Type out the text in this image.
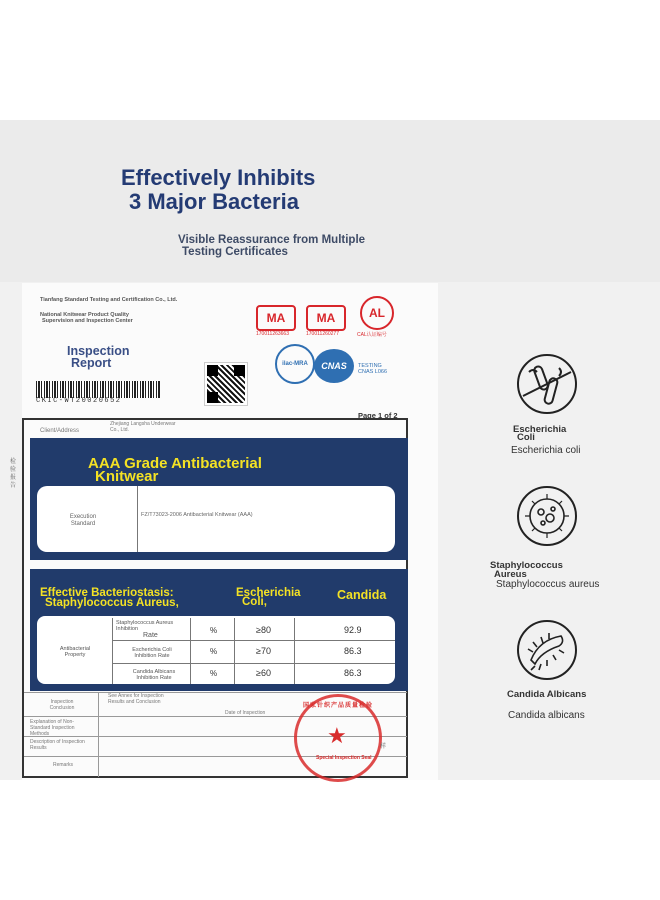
Effectively Inhibits
3 Major Bacteria
Visible Reassurance from Multiple
Testing Certificates
Tianfang Standard Testing and Certification Co., Ltd.
National Knitwear Product Quality
Supervision and Inspection Center
Inspection
Report
CKIC-WT20020652
MA
170011263663
MA
170011260277
AL
CAL认证编号
ilac-MRA	CNAS	TESTING
CNAS L066
Page 1 of 2
检验报告
Client/Address
Zhejiang Langsha Underwear
Co., Ltd.
AAA Grade Antibacterial
Knitwear
Execution
Standard
FZ/T73023-2006 Antibacterial Knitwear (AAA)
Effective Bacteriostasis:
Staphylococcus Aureus,
Escherichia
Coli,	Candida
Antibacterial
Property
Staphylococcus Aureus
Inhibition
Rate
%	≥80	92.9
Escherichia Coli
Inhibition Rate	%	≥70	86.3
Candida Albicans
Inhibition Rate	%	≥60	86.3
Inspection
Conclusion
See Annex for Inspection
Results and Conclusion
Date of Inspection
Explanation of Non-Standard Inspection Methods
Description of Inspection Results
Remarks
国家针织产品质量检验
★
Special Inspection Seal
样
Escherichia
Coli
Escherichia coli
Staphylococcus
Aureus
Staphylococcus aureus
Candida Albicans
Candida albicans
